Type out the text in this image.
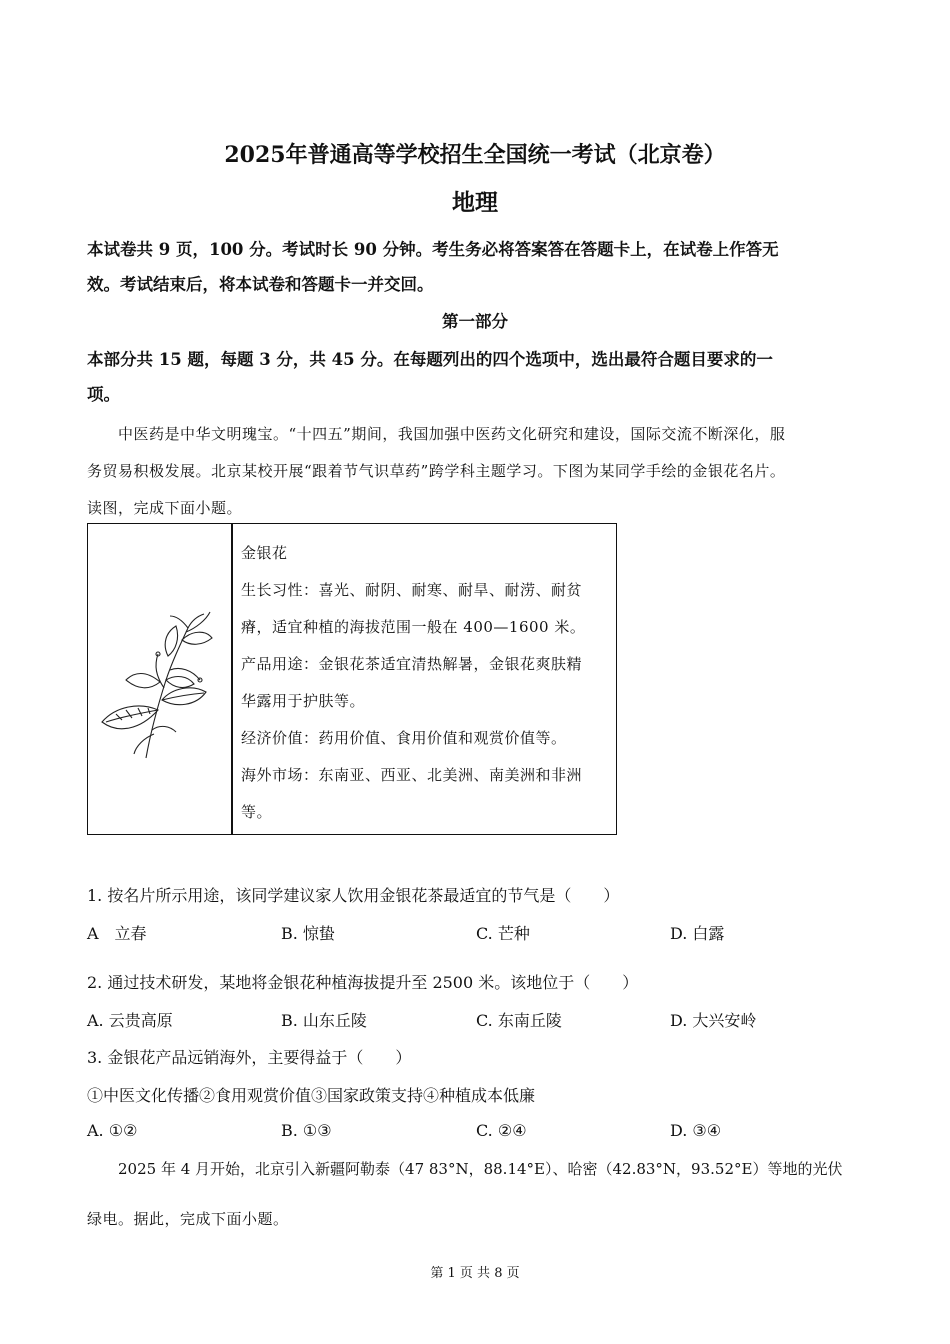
2025年普通高等学校招生全国统一考试（北京卷）
地理
本试卷共 9 页，100 分。考试时长 90 分钟。考生务必将答案答在答题卡上，在试卷上作答无
效。考试结束后，将本试卷和答题卡一并交回。
第一部分
本部分共 15 题，每题 3 分，共 45 分。在每题列出的四个选项中，选出最符合题目要求的一
项。
中医药是中华文明瑰宝。“十四五”期间，我国加强中医药文化研究和建设，国际交流不断深化，服
务贸易积极发展。北京某校开展“跟着节气识草药”跨学科主题学习。下图为某同学手绘的金银花名片。
读图，完成下面小题。
金银花
生长习性：喜光、耐阴、耐寒、耐旱、耐涝、耐贫
瘠，适宜种植的海拔范围一般在 400—1600 米。
产品用途：金银花茶适宜清热解暑，金银花爽肤精
华露用于护肤等。
经济价值：药用价值、食用价值和观赏价值等。
海外市场：东南亚、西亚、北美洲、南美洲和非洲
等。
1. 按名片所示用途，该同学建议家人饮用金银花茶最适宜的节气是（　　）
A　立春	B. 惊蛰	C. 芒种	D. 白露
2. 通过技术研发，某地将金银花种植海拔提升至 2500 米。该地位于（　　）
A. 云贵高原	B. 山东丘陵	C. 东南丘陵	D. 大兴安岭
3. 金银花产品远销海外，主要得益于（　　）
①中医文化传播②食用观赏价值③国家政策支持④种植成本低廉
A. ①②	B. ①③	C. ②④	D. ③④
2025 年 4 月开始，北京引入新疆阿勒泰（47 83°N，88.14°E）、哈密（42.83°N，93.52°E）等地的光伏
绿电。据此，完成下面小题。
第 1 页 共 8 页
